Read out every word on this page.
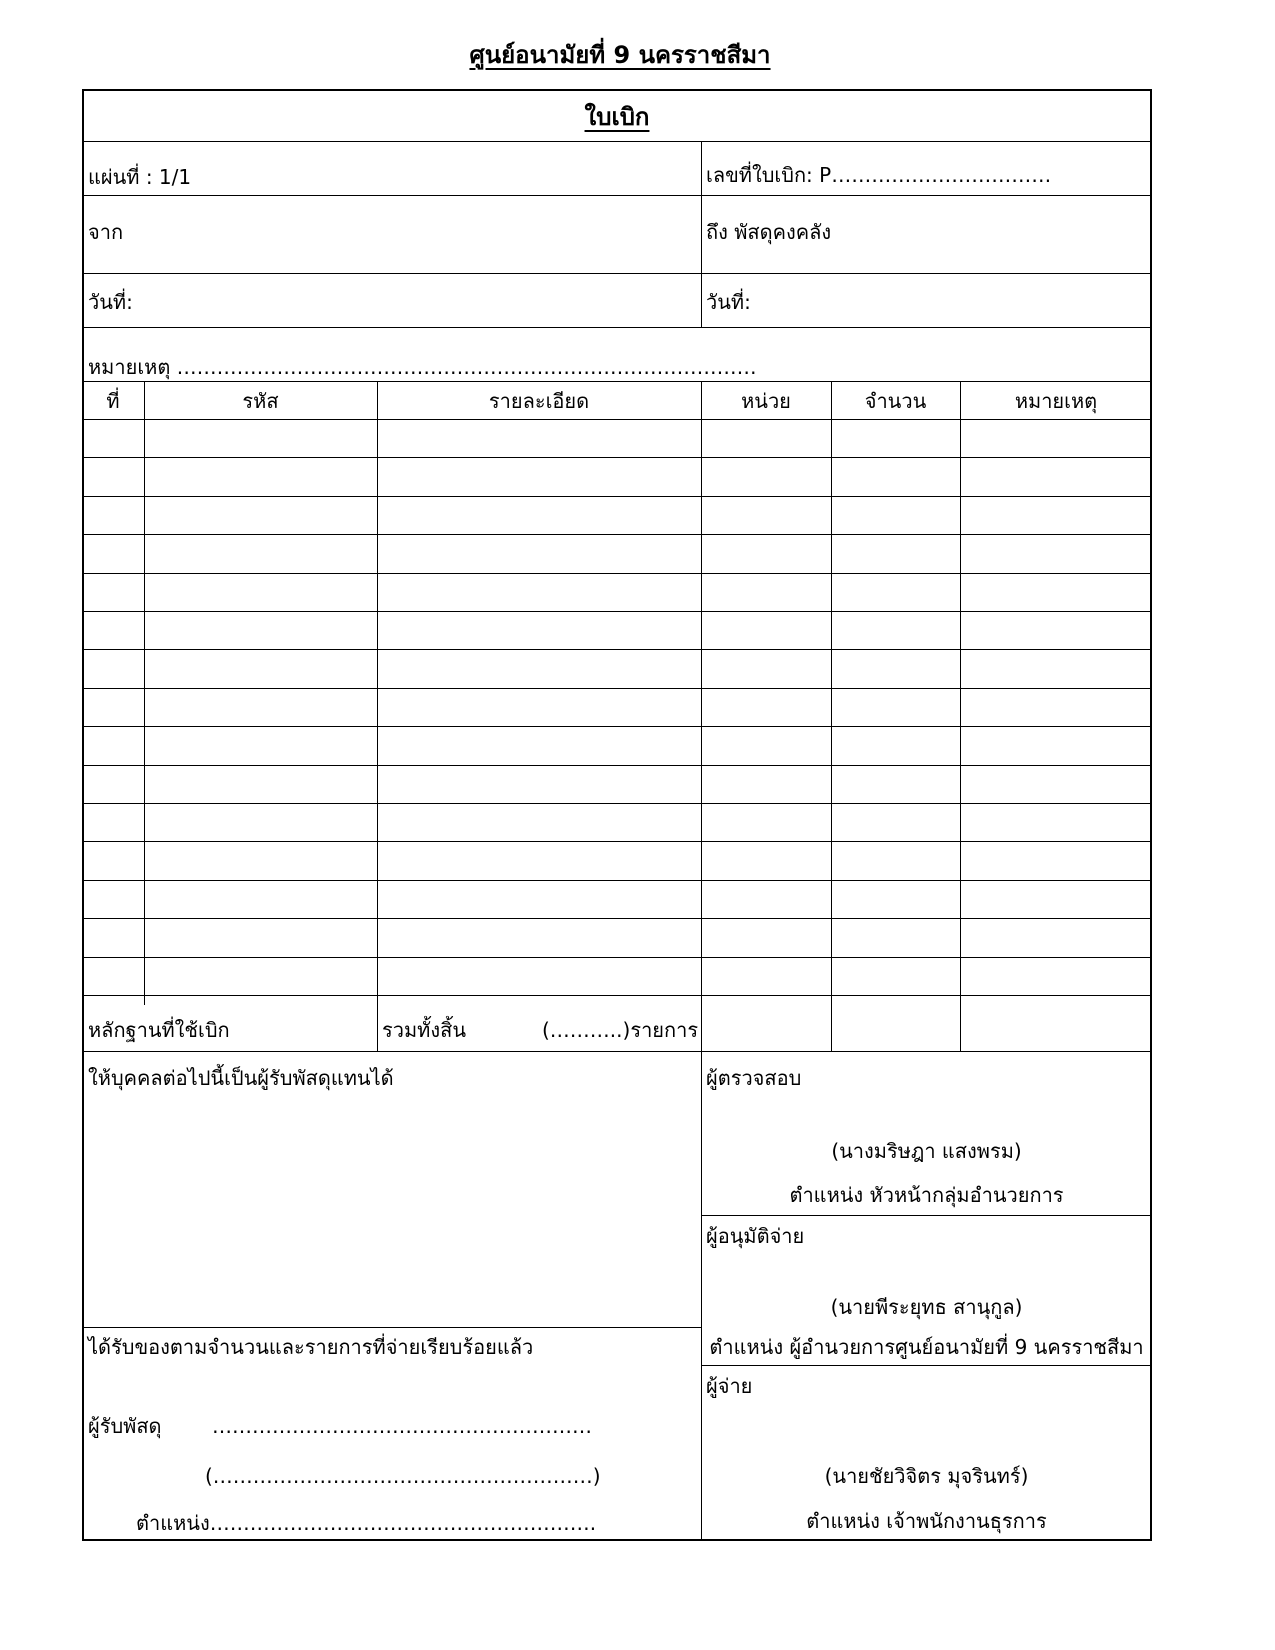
ศูนย์อนามัยที่ 9 นครราชสีมา
ใบเบิก
แผ่นที่ : 1/1	เลขที่ใบเบิก: P……………………………
จาก	ถึง พัสดุคงคลัง
วันที่:	วันที่:
หมายเหตุ ……………………………………………………………………………
ที่	รหัส	รายละเอียด	หน่วย	จำนวน	หมายเหตุ
หลักฐานที่ใช้เบิก	รวมทั้งสิ้น	(………..)รายการ
ให้บุคคลต่อไปนี้เป็นผู้รับพัสดุแทนได้
ได้รับของตามจำนวนและรายการที่จ่ายเรียบร้อยแล้ว
ผู้รับพัสดุ	…………………………………………………
(…………………………………………………)
ตำแหน่ง………………………………………………….
ผู้ตรวจสอบ
(นางมริษฎา แสงพรม)
ตำแหน่ง หัวหน้ากลุ่มอำนวยการ
ผู้อนุมัติจ่าย
(นายพีระยุทธ สานุกูล)
ตำแหน่ง ผู้อำนวยการศูนย์อนามัยที่ 9 นครราชสีมา
ผู้จ่าย
(นายชัยวิจิตร มุจรินทร์)
ตำแหน่ง เจ้าพนักงานธุรการ
